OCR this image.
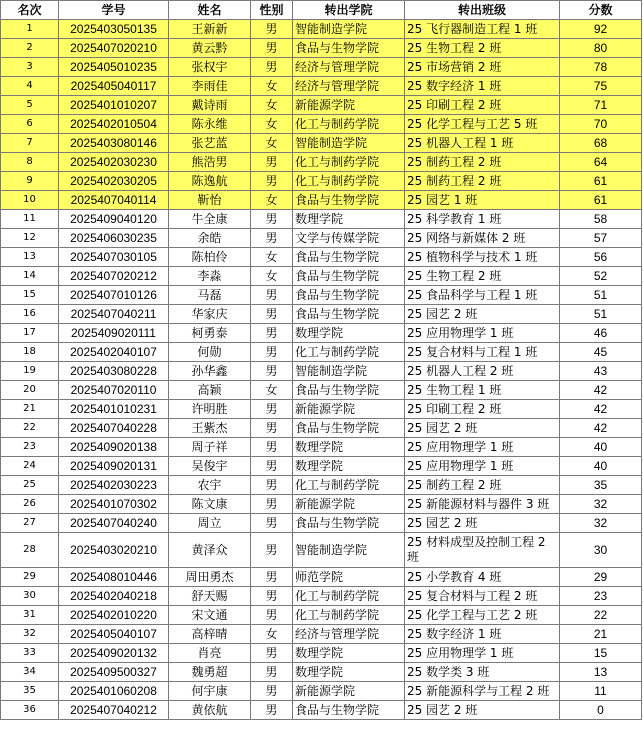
名次	学号	姓名	性别	转出学院	转出班级	分数
1	2025403050135	王新新	男	智能制造学院	25 飞行器制造工程 1 班	92
2	2025407020210	黄云黔	男	食品与生物学院	25 生物工程 2 班	80
3	2025405010235	张权宇	男	经济与管理学院	25 市场营销 2 班	78
4	2025405040117	李雨佳	女	经济与管理学院	25 数字经济 1 班	75
5	2025401010207	戴诗雨	女	新能源学院	25 印刷工程 2 班	71
6	2025402010504	陈永维	女	化工与制药学院	25 化学工程与工艺 5 班	70
7	2025403080146	张艺蓝	女	智能制造学院	25 机器人工程 1 班	68
8	2025402030230	熊浩男	男	化工与制药学院	25 制药工程 2 班	64
9	2025402030205	陈逸航	男	化工与制药学院	25 制药工程 2 班	61
10	2025407040114	靳怡	女	食品与生物学院	25 园艺 1 班	61
11	2025409040120	牛全康	男	数理学院	25 科学教育 1 班	58
12	2025406030235	余皓	男	文学与传媒学院	25 网络与新媒体 2 班	57
13	2025407030105	陈柏伶	女	食品与生物学院	25 植物科学与技术 1 班	56
14	2025407020212	李淼	女	食品与生物学院	25 生物工程 2 班	52
15	2025407010126	马磊	男	食品与生物学院	25 食品科学与工程 1 班	51
16	2025407040211	华家庆	男	食品与生物学院	25 园艺 2 班	51
17	2025409020111	柯勇泰	男	数理学院	25 应用物理学 1 班	46
18	2025402040107	何勋	男	化工与制药学院	25 复合材料与工程 1 班	45
19	2025403080228	孙华鑫	男	智能制造学院	25 机器人工程 2 班	43
20	2025407020110	高颖	女	食品与生物学院	25 生物工程 1 班	42
21	2025401010231	许明胜	男	新能源学院	25 印刷工程 2 班	42
22	2025407040228	王紫杰	男	食品与生物学院	25 园艺 2 班	42
23	2025409020138	周子祥	男	数理学院	25 应用物理学 1 班	40
24	2025409020131	吴俊宇	男	数理学院	25 应用物理学 1 班	40
25	2025402030223	农宇	男	化工与制药学院	25 制药工程 2 班	35
26	2025401070302	陈文康	男	新能源学院	25 新能源材料与器件 3 班	32
27	2025407040240	周立	男	食品与生物学院	25 园艺 2 班	32
28	2025403020210	黄泽众	男	智能制造学院	25 材料成型及控制工程 2 班	30
29	2025408010446	周田勇杰	男	师范学院	25 小学教育 4 班	29
30	2025402040218	舒天赐	男	化工与制药学院	25 复合材料与工程 2 班	23
31	2025402010220	宋文通	男	化工与制药学院	25 化学工程与工艺 2 班	22
32	2025405040107	高梓晴	女	经济与管理学院	25 数字经济 1 班	21
33	2025409020132	肖亮	男	数理学院	25 应用物理学 1 班	15
34	2025409500327	魏勇超	男	数理学院	25 数学类 3 班	13
35	2025401060208	何宇康	男	新能源学院	25 新能源科学与工程 2 班	11
36	2025407040212	黄依航	男	食品与生物学院	25 园艺 2 班	0
